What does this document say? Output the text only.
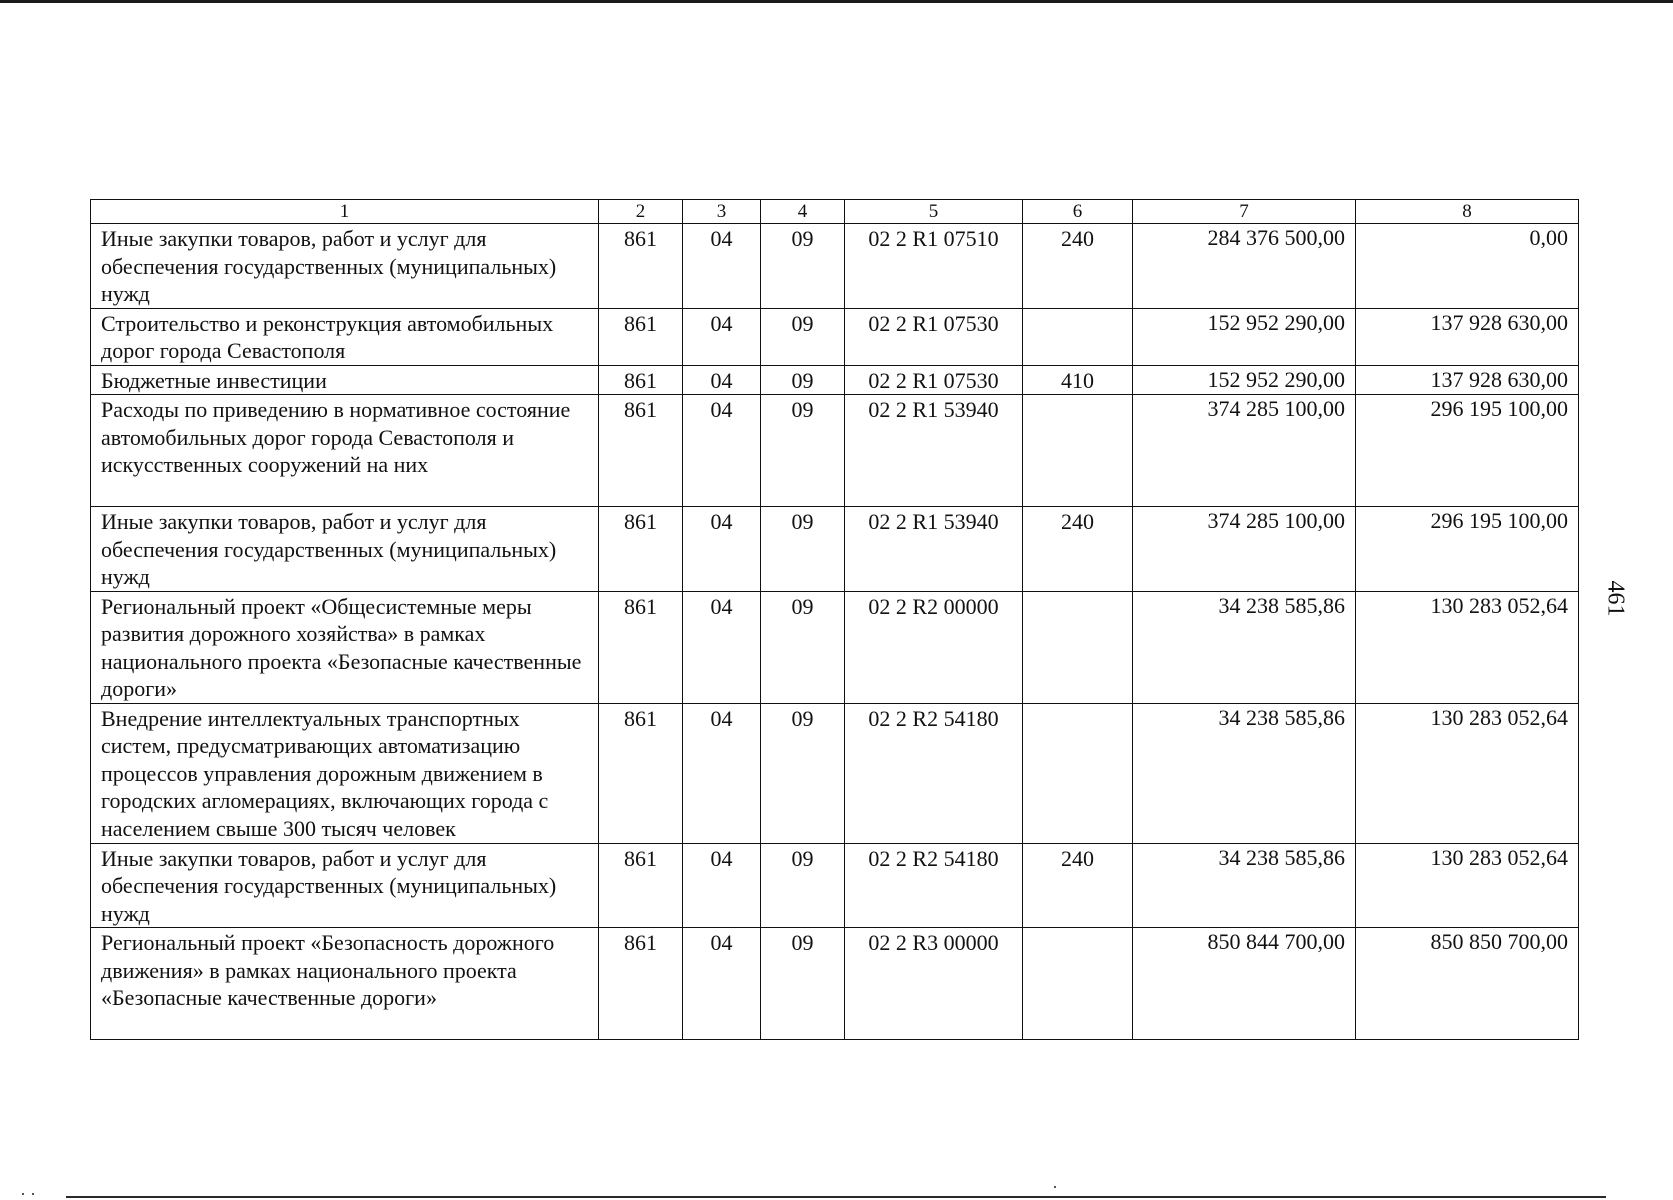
1	2	3	4	5	6	7	8
Иные закупки товаров, работ и услуг для обеспечения государственных (муниципальных) нужд	861	04	09	02 2 R1 07510	240	284 376 500,00	0,00
Строительство и реконструкция автомобильных дорог города Севастополя	861	04	09	02 2 R1 07530		152 952 290,00	137 928 630,00
Бюджетные инвестиции	861	04	09	02 2 R1 07530	410	152 952 290,00	137 928 630,00
Расходы по приведению в нормативное состояние автомобильных дорог города Севастополя и искусственных сооружений на них	861	04	09	02 2 R1 53940		374 285 100,00	296 195 100,00
Иные закупки товаров, работ и услуг для обеспечения государственных (муниципальных) нужд	861	04	09	02 2 R1 53940	240	374 285 100,00	296 195 100,00
Региональный проект «Общесистемные меры развития дорожного хозяйства» в рамках национального проекта «Безопасные качественные дороги»	861	04	09	02 2 R2 00000		34 238 585,86	130 283 052,64
Внедрение интеллектуальных транспортных систем, предусматривающих автоматизацию процессов управления дорожным движением в городских агломерациях, включающих города с населением свыше 300 тысяч человек	861	04	09	02 2 R2 54180		34 238 585,86	130 283 052,64
Иные закупки товаров, работ и услуг для обеспечения государственных (муниципальных) нужд	861	04	09	02 2 R2 54180	240	34 238 585,86	130 283 052,64
Региональный проект «Безопасность дорожного движения» в рамках национального проекта «Безопасные качественные дороги»	861	04	09	02 2 R3 00000		850 844 700,00	850 850 700,00
461
